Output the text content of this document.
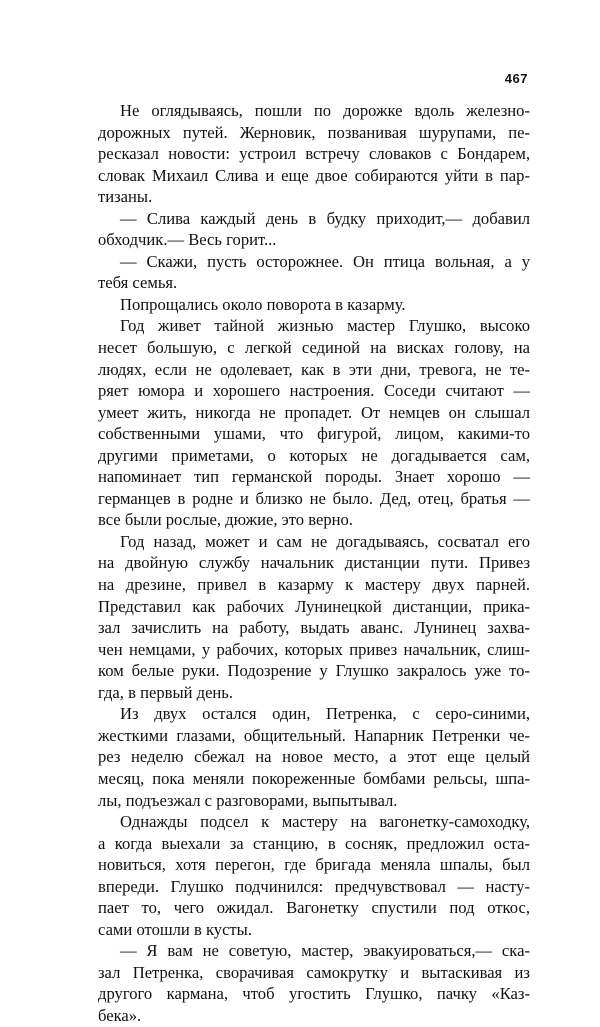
467
Не оглядываясь, пошли по дорожке вдоль железно-
дорожных путей. Жерновик, позванивая шурупами, пе-
ресказал новости: устроил встречу словаков с Бондарем,
словак Михаил Слива и еще двое собираются уйти в пар-
тизаны.
— Слива каждый день в будку приходит,— добавил
обходчик.— Весь горит...
— Скажи, пусть осторожнее. Он птица вольная, а у
тебя семья.
Попрощались около поворота в казарму.
Год живет тайной жизнью мастер Глушко, высоко
несет большую, с легкой сединой на висках голову, на
людях, если не одолевает, как в эти дни, тревога, не те-
ряет юмора и хорошего настроения. Соседи считают —
умеет жить, никогда не пропадет. От немцев он слышал
собственными ушами, что фигурой, лицом, какими-то
другими приметами, о которых не догадывается сам,
напоминает тип германской породы. Знает хорошо —
германцев в родне и близко не было. Дед, отец, братья —
все были рослые, дюжие, это верно.
Год назад, может и сам не догадываясь, сосватал его
на двойную службу начальник дистанции пути. Привез
на дрезине, привел в казарму к мастеру двух парней.
Представил как рабочих Лунинецкой дистанции, прика-
зал зачислить на работу, выдать аванс. Лунинец захва-
чен немцами, у рабочих, которых привез начальник, слиш-
ком белые руки. Подозрение у Глушко закралось уже то-
гда, в первый день.
Из двух остался один, Петренка, с серо-синими,
жесткими глазами, общительный. Напарник Петренки че-
рез неделю сбежал на новое место, а этот еще целый
месяц, пока меняли покореженные бомбами рельсы, шпа-
лы, подъезжал с разговорами, выпытывал.
Однажды подсел к мастеру на вагонетку-самоходку,
а когда выехали за станцию, в сосняк, предложил оста-
новиться, хотя перегон, где бригада меняла шпалы, был
впереди. Глушко подчинился: предчувствовал — насту-
пает то, чего ожидал. Вагонетку спустили под откос,
сами отошли в кусты.
— Я вам не советую, мастер, эвакуироваться,— ска-
зал Петренка, сворачивая самокрутку и вытаскивая из
другого кармана, чтоб угостить Глушко, пачку «Каз-
бека».
